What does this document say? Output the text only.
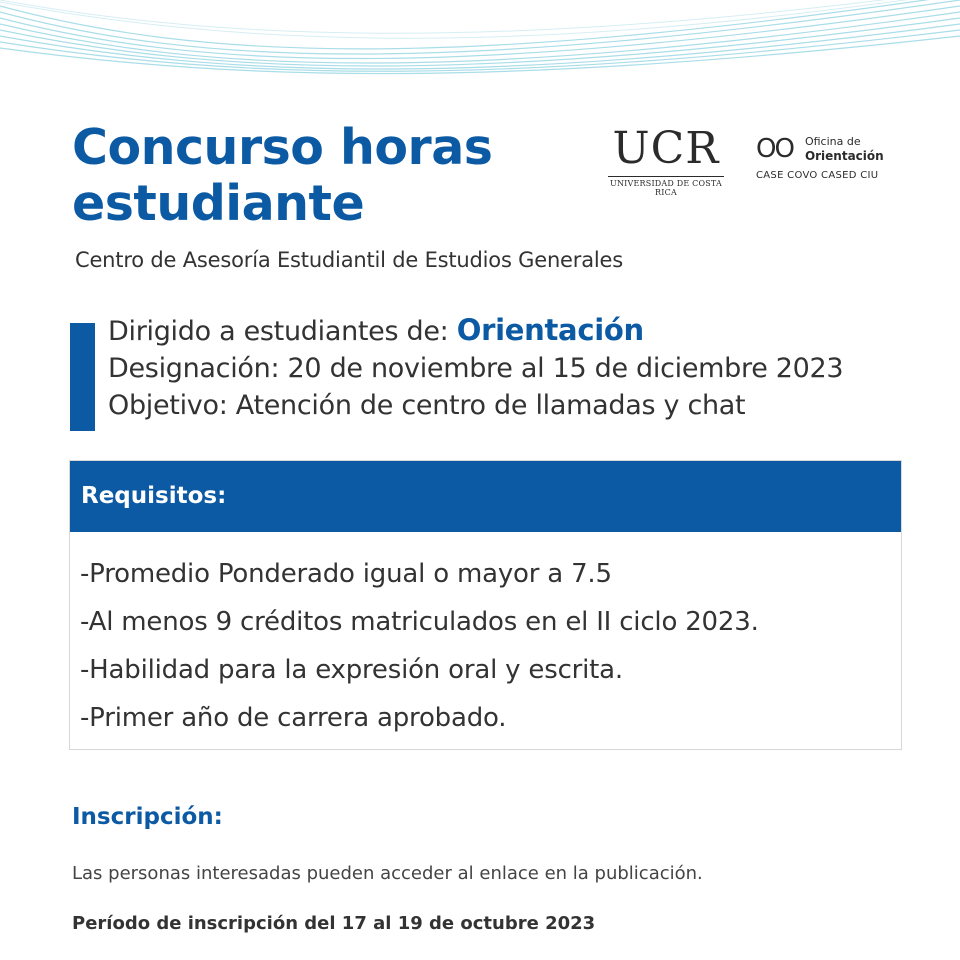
Concurso horas
estudiante
Centro de Asesoría Estudiantil de Estudios Generales
UCR
UNIVERSIDAD DE COSTA RICA
OO Oficina de
Orientación
CASE COVO CASED CIU
Dirigido a estudiantes de: Orientación
Designación: 20 de noviembre al 15 de diciembre 2023
Objetivo: Atención de centro de llamadas y chat
Requisitos:
-Promedio Ponderado igual o mayor a 7.5
-Al menos 9 créditos matriculados en el II ciclo 2023.
-Habilidad para la expresión oral y escrita.
-Primer año de carrera aprobado.
Inscripción:
Las personas interesadas pueden acceder al enlace en la publicación.
Período de inscripción del 17 al 19 de octubre 2023
